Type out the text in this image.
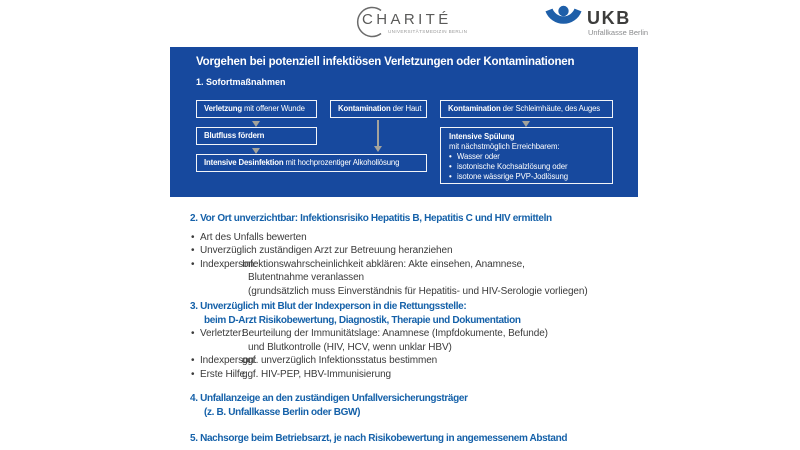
CHARITÉ
UNIVERSITÄTSMEDIZIN BERLIN
UKB
Unfallkasse Berlin
Vorgehen bei potenziell infektiösen Verletzungen oder Kontaminationen
1. Sofortmaßnahmen
Verletzung mit offener Wunde
Blutfluss fördern
Intensive Desinfektion mit hochprozentiger Alkohollösung
Kontamination der Haut	Kontamination der Schleimhäute, des Auges
Intensive Spülung
mit nächstmöglich Erreichbarem:
• Wasser oder
• isotonische Kochsalzlösung oder
• isotone wässrige PVP-Jodlösung
2. Vor Ort unverzichtbar: Infektionsrisiko Hepatitis B, Hepatitis C und HIV ermitteln
• Art des Unfalls bewerten
• Unverzüglich zuständigen Arzt zur Betreuung heranziehen
• Indexperson:
Infektionswahrscheinlichkeit abklären: Akte einsehen, Anamnese,
Blutentnahme veranlassen
(grundsätzlich muss Einverständnis für Hepatitis- und HIV-Serologie vorliegen)
3. Unverzüglich mit Blut der Indexperson in die Rettungsstelle:
beim D-Arzt Risikobewertung, Diagnostik, Therapie und Dokumentation
• Verletzter:
Beurteilung der Immunitätslage: Anamnese (Impfdokumente, Befunde)
und Blutkontrolle (HIV, HCV, wenn unklar HBV)
• Indexperson:
ggf. unverzüglich Infektionsstatus bestimmen
• Erste Hilfe:
ggf. HIV-PEP, HBV-Immunisierung
4. Unfallanzeige an den zuständigen Unfallversicherungsträger
(z. B. Unfallkasse Berlin oder BGW)
5. Nachsorge beim Betriebsarzt, je nach Risikobewertung in angemessenem Abstand
